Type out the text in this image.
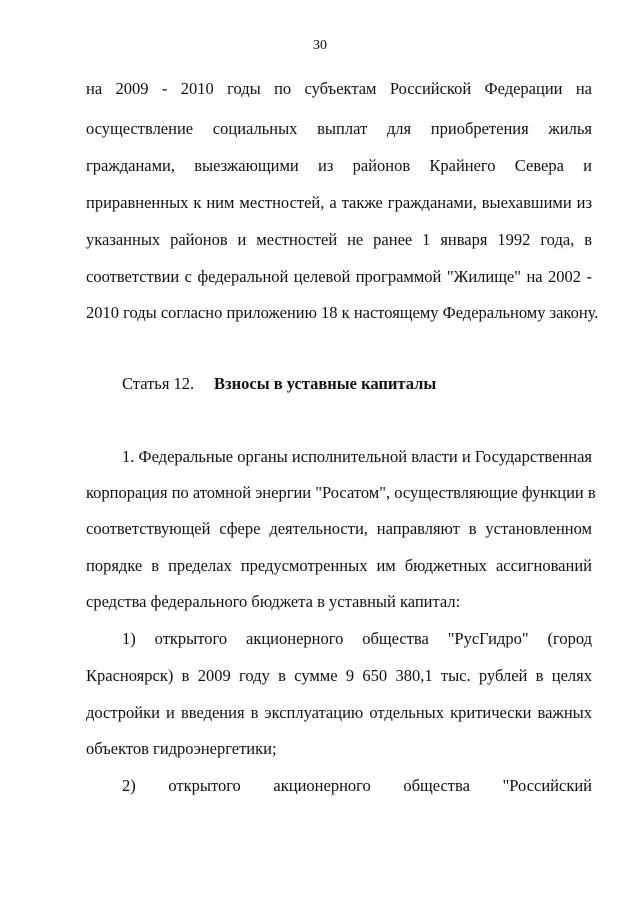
30
на 2009 - 2010 годы по субъектам Российской Федерации на
осуществление социальных выплат для приобретения жилья
гражданами, выезжающими из районов Крайнего Севера и
приравненных к ним местностей, а также гражданами, выехавшими из
указанных районов и местностей не ранее 1 января 1992 года, в
соответствии с федеральной целевой программой "Жилище" на 2002 -
2010 годы согласно приложению 18 к настоящему Федеральному закону.
Статья 12. Взносы в уставные капиталы
1. Федеральные органы исполнительной власти и Государственная
корпорация по атомной энергии "Росатом", осуществляющие функции в
соответствующей сфере деятельности, направляют в установленном
порядке в пределах предусмотренных им бюджетных ассигнований
средства федерального бюджета в уставный капитал:
1) открытого акционерного общества "РусГидро" (город
Красноярск) в 2009 году в сумме 9 650 380,1 тыс. рублей в целях
достройки и введения в эксплуатацию отдельных критически важных
объектов гидроэнергетики;
2) открытого акционерного общества "Российский
